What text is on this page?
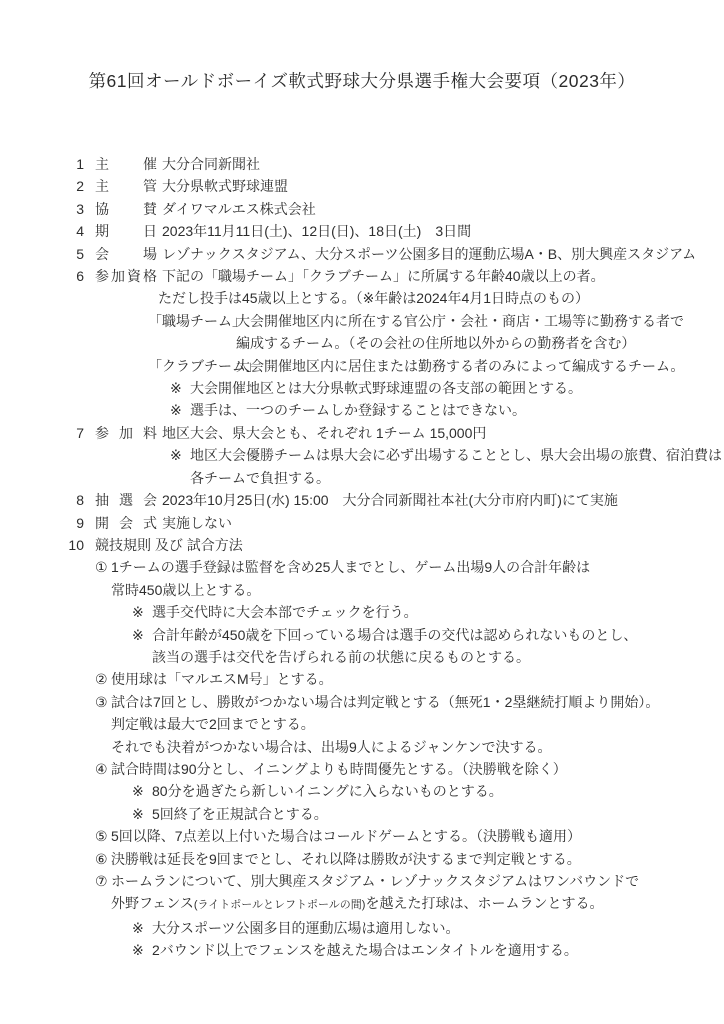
第61回オールドボーイズ軟式野球大分県選手権大会要項（2023年）
1 主催 大分合同新聞社
2 主管 大分県軟式野球連盟
3 協賛 ダイワマルエス株式会社
4 期日 2023年11月11日(土)、12日(日)、18日(土)　3日間
5 会場 レゾナックスタジアム、大分スポーツ公園多目的運動広場A・B、別大興産スタジアム
6 参加資格 下記の「職場チーム」「クラブチーム」に所属する年齢40歳以上の者。
ただし投手は45歳以上とする。（※年齢は2024年4月1日時点のもの）
「職場チーム」
大会開催地区内に所在する官公庁・会社・商店・工場等に勤務する者で
編成するチーム。（その会社の住所地以外からの勤務者を含む）
「クラブチーム」
大会開催地区内に居住または勤務する者のみによって編成するチーム。
※ 大会開催地区とは大分県軟式野球連盟の各支部の範囲とする。
※ 選手は、一つのチームしか登録することはできない。
7 参加料 地区大会、県大会とも、それぞれ 1チーム 15,000円
※ 地区大会優勝チームは県大会に必ず出場することとし、県大会出場の旅費、宿泊費は
各チームで負担する。
8 抽選会 2023年10月25日(水) 15:00　大分合同新聞社本社(大分市府内町)にて実施
9 開会式 実施しない
10 競技規則 及び 試合方法
① 1チームの選手登録は監督を含め25人までとし、ゲーム出場9人の合計年齢は
常時450歳以上とする。
※ 選手交代時に大会本部でチェックを行う。
※ 合計年齢が450歳を下回っている場合は選手の交代は認められないものとし、
該当の選手は交代を告げられる前の状態に戻るものとする。
② 使用球は「マルエスM号」とする。
③ 試合は7回とし、勝敗がつかない場合は判定戦とする（無死1・2塁継続打順より開始）。
判定戦は最大で2回までとする。
それでも決着がつかない場合は、出場9人によるジャンケンで決する。
④ 試合時間は90分とし、イニングよりも時間優先とする。（決勝戦を除く）
※ 80分を過ぎたら新しいイニングに入らないものとする。
※ 5回終了を正規試合とする。
⑤ 5回以降、7点差以上付いた場合はコールドゲームとする。（決勝戦も適用）
⑥ 決勝戦は延長を9回までとし、それ以降は勝敗が決するまで判定戦とする。
⑦ ホームランについて、別大興産スタジアム・レゾナックスタジアムはワンバウンドで
外野フェンス (ライトポールとレフトポールの間) を越えた打球は、ホームランとする。
※ 大分スポーツ公園多目的運動広場は適用しない。
※ 2バウンド以上でフェンスを越えた場合はエンタイトルを適用する。
